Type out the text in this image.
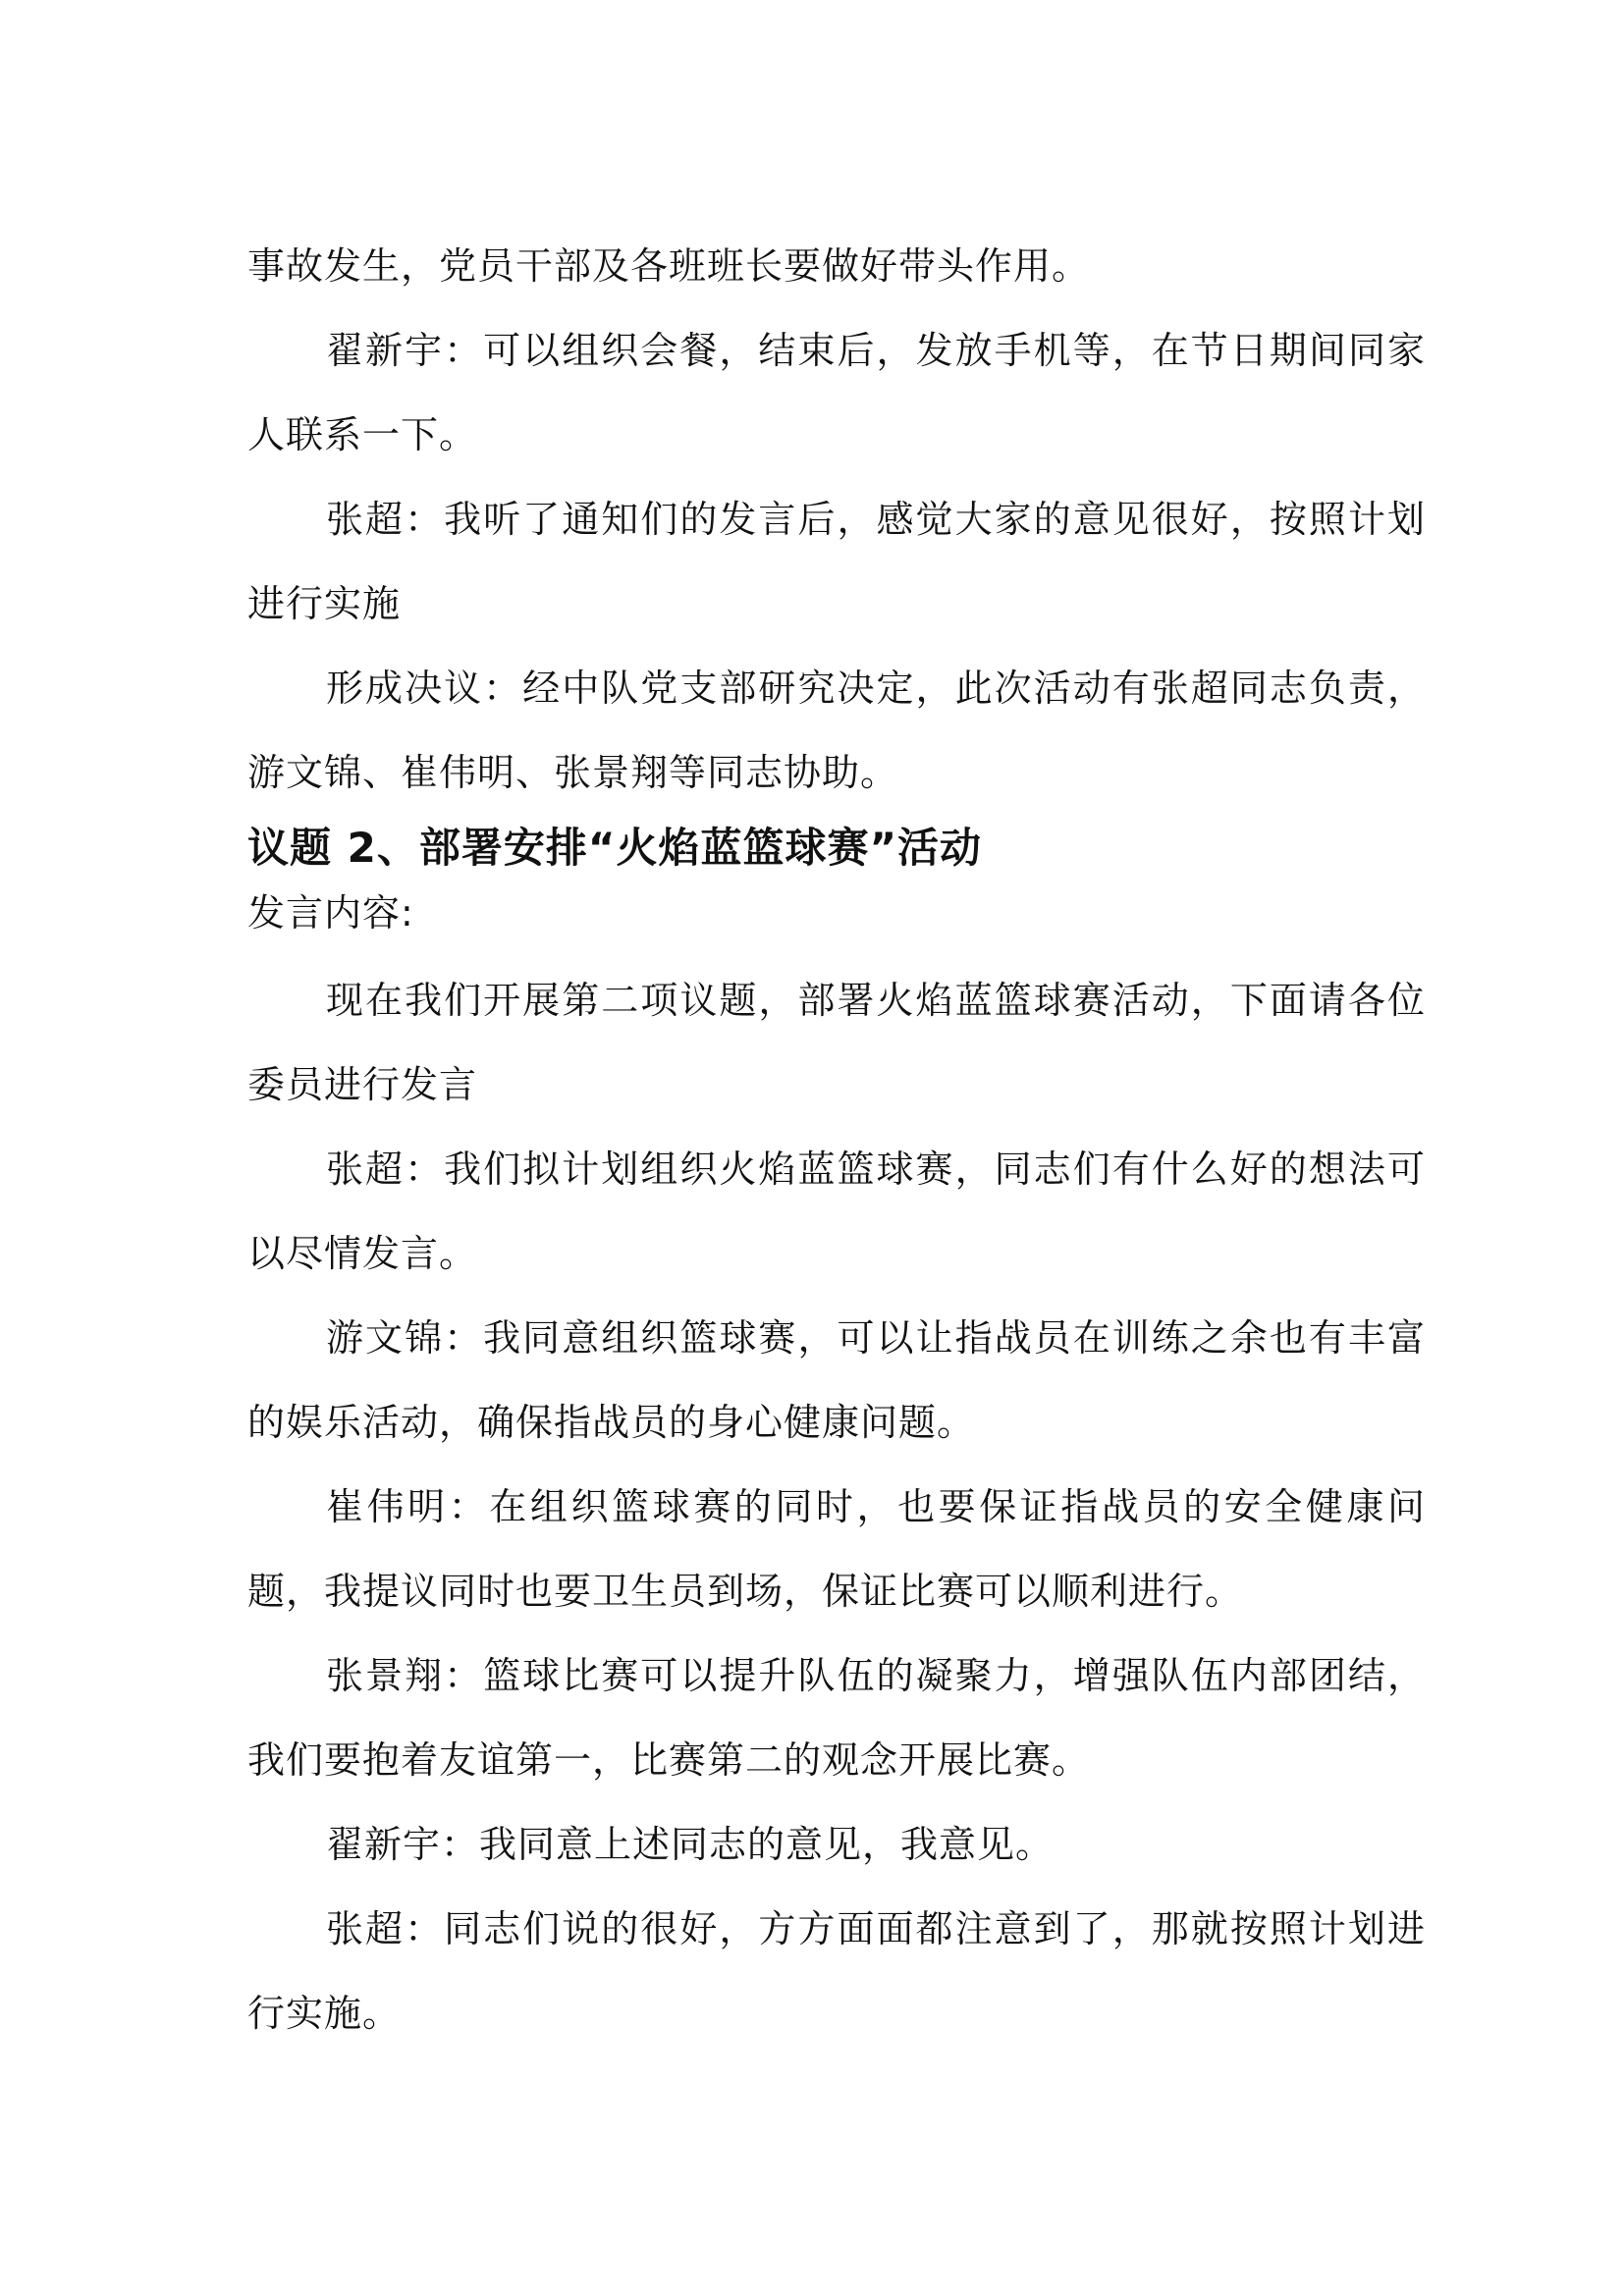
事故发生，党员干部及各班班长要做好带头作用。

翟新宇：可以组织会餐，结束后，发放手机等，在节日期间同家人联系一下。

张超：我听了通知们的发言后，感觉大家的意见很好，按照计划进行实施

形成决议：经中队党支部研究决定，此次活动有张超同志负责，游文锦、崔伟明、张景翔等同志协助。

议题 2、部署安排“火焰蓝篮球赛”活动

发言内容:

现在我们开展第二项议题，部署火焰蓝篮球赛活动，下面请各位委员进行发言

张超：我们拟计划组织火焰蓝篮球赛，同志们有什么好的想法可以尽情发言。

游文锦：我同意组织篮球赛，可以让指战员在训练之余也有丰富的娱乐活动，确保指战员的身心健康问题。

崔伟明：在组织篮球赛的同时，也要保证指战员的安全健康问题，我提议同时也要卫生员到场，保证比赛可以顺利进行。

张景翔：篮球比赛可以提升队伍的凝聚力，增强队伍内部团结，我们要抱着友谊第一，比赛第二的观念开展比赛。

翟新宇：我同意上述同志的意见，我意见。

张超：同志们说的很好，方方面面都注意到了，那就按照计划进行实施。
